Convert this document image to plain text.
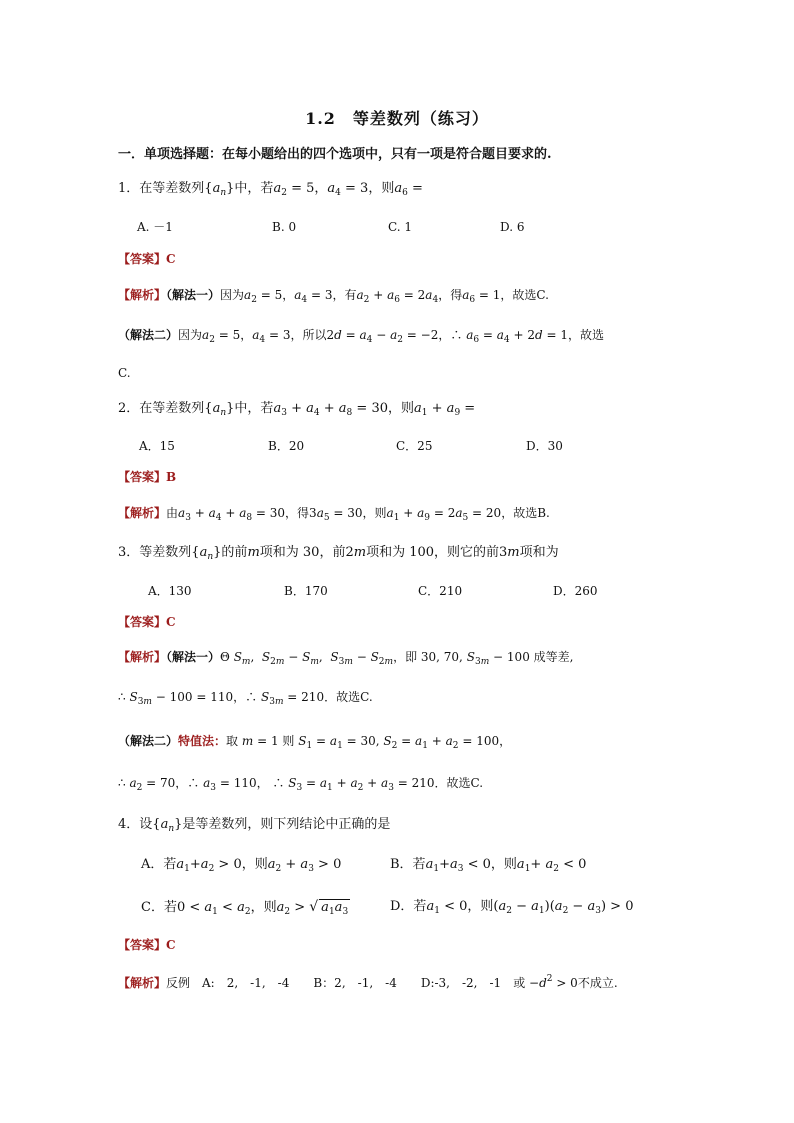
1.2　等差数列（练习）
一．单项选择题：在每小题给出的四个选项中，只有一项是符合题目要求的.
1．在等差数列$\{a_n\}$中，若$a_2 = 5$，$a_4 = 3$，则$a_6$ =
A. －1	B. 0	C. 1	D. 6
【答案】C
【解析】（解法一）因为$a_2 = 5$，$a_4 = 3$，有$a_2 + a_6 = 2a_4$，得$a_6 = 1$，故选C.
（解法二）因为$a_2 = 5$，$a_4 = 3$，所以$2d = a_4 - a_2 = -2$，∴ $a_6 = a_4 + 2d = 1$，故选
C.
2．在等差数列$\{a_n\}$中，若$a_3 + a_4 + a_8 = 30$，则$a_1 + a_9$ =
A．15	B．20	C．25	D．30
【答案】B
【解析】由$a_3 + a_4 + a_8 = 30$，得$3a_5 = 30$，则$a_1 + a_9 = 2a_5 = 20$，故选B.
3．等差数列$\{a_n\}$的前m项和为 30，前2m项和为 100，则它的前3m项和为
A．130	B．170	C．210	D．260
【答案】C
【解析】（解法一）Θ $S_m$,  $S_{2m} - S_m$,  $S_{3m} - S_{2m}$，即 30, 70, $S_{3m} - 100$ 成等差,
∴ $S_{3m} - 100 = 110$，∴ $S_{3m} = 210$．故选C.
（解法二）特值法：取 m = 1 则 $S_1 = a_1 = 30$, $S_2 = a_1 + a_2 = 100$，
∴ $a_2 = 70$，∴ $a_3 = 110$， ∴ $S_3 = a_1 + a_2 + a_3 = 210$．故选C.
4．设$\{a_n\}$是等差数列，则下列结论中正确的是
A．若$a_1+a_2 > 0$，则$a_2 + a_3 > 0$	B．若$a_1+a_3 < 0$，则$a_1+ a_2 < 0$
C．若$0 < a_1 < a_2$，则$a_2$ > √ $a_1a_3$	D．若$a_1 < 0$，则$(a_2 - a_1)(a_2 - a_3) > 0$
【答案】C
【解析】反例　A:　2,　-1,　-4　　B：2,　-1,　-4　　D:-3,　-2,　-1　或 $-d^2 > 0$不成立.
